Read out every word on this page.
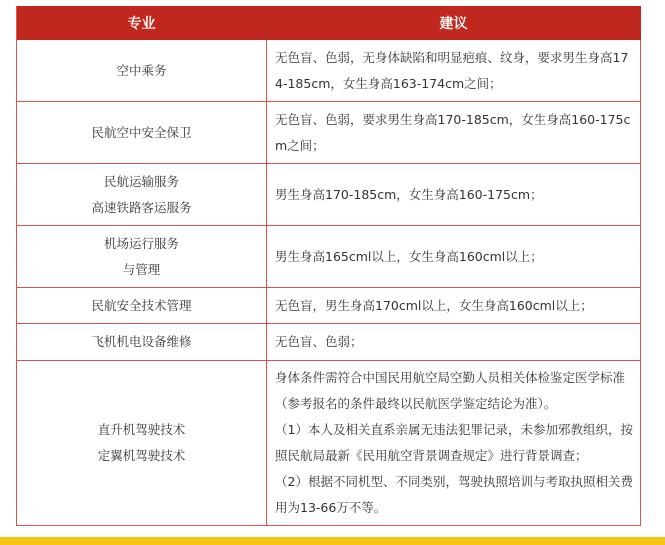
专业	建议

空中乘务	无色盲、色弱，无身体缺陷和明显疤痕、纹身，要求男生身高174-185cm，女生身高163-174cm之间；

民航空中安全保卫	无色盲、色弱，要求男生身高170-185cm，女生身高160-175cm之间；

民航运输服务
高速铁路客运服务	男生身高170-185cm，女生身高160-175cm；

机场运行服务
与管理	男生身高165cml以上，女生身高160cml以上；

民航安全技术管理	无色盲，男生身高170cml以上，女生身高160cml以上；

飞机机电设备维修	无色盲、色弱；

直升机驾驶技术
定翼机驾驶技术	身体条件需符合中国民用航空局空勤人员相关体检鉴定医学标准（参考报名的条件最终以民航医学鉴定结论为准）。
（1）本人及相关直系亲属无违法犯罪记录，未参加邪教组织，按照民航局最新《民用航空背景调查规定》进行背景调查；
（2）根据不同机型、不同类别，驾驶执照培训与考取执照相关费用为13-66万不等。
